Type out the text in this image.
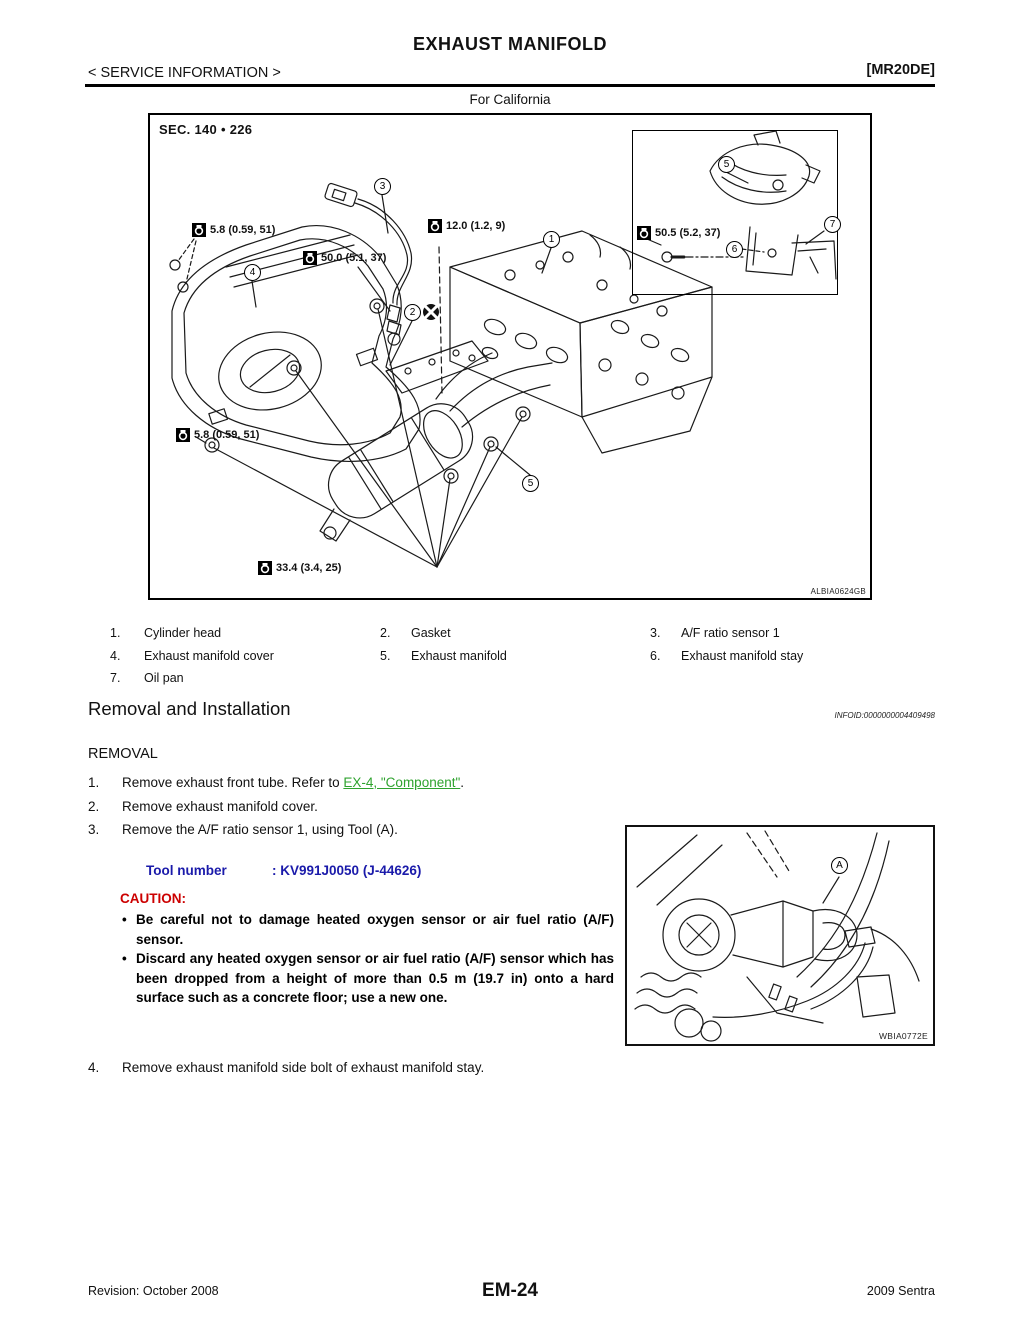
EXHAUST MANIFOLD
< SERVICE INFORMATION >	[MR20DE]
For California
SEC. 140 • 226
ALBIA0624GB
5.8 (0.59, 51)
50.0 (5.1, 37)
12.0 (1.2, 9)
50.5 (5.2, 37)
5.8 (0.59, 51)
33.4 (3.4, 25)
3
1
2
4
5
5
6
7
1. Cylinder head	2. Gasket	3. A/F ratio sensor 1
4. Exhaust manifold cover	5. Exhaust manifold	6. Exhaust manifold stay
7. Oil pan
Removal and Installation	INFOID:0000000004409498
REMOVAL
1. Remove exhaust front tube. Refer to EX-4, "Component".
2. Remove exhaust manifold cover.
3. Remove the A/F ratio sensor 1, using Tool (A).
Tool number	: KV991J0050 (J-44626)
CAUTION:
• Be careful not to damage heated oxygen sensor or air fuel ratio (A/F) sensor.
• Discard any heated oxygen sensor or air fuel ratio (A/F) sensor which has been dropped from a height of more than 0.5 m (19.7 in) onto a hard surface such as a concrete floor; use a new one.
4. Remove exhaust manifold side bolt of exhaust manifold stay.
A
WBIA0772E
Revision: October 2008	EM-24	2009 Sentra
